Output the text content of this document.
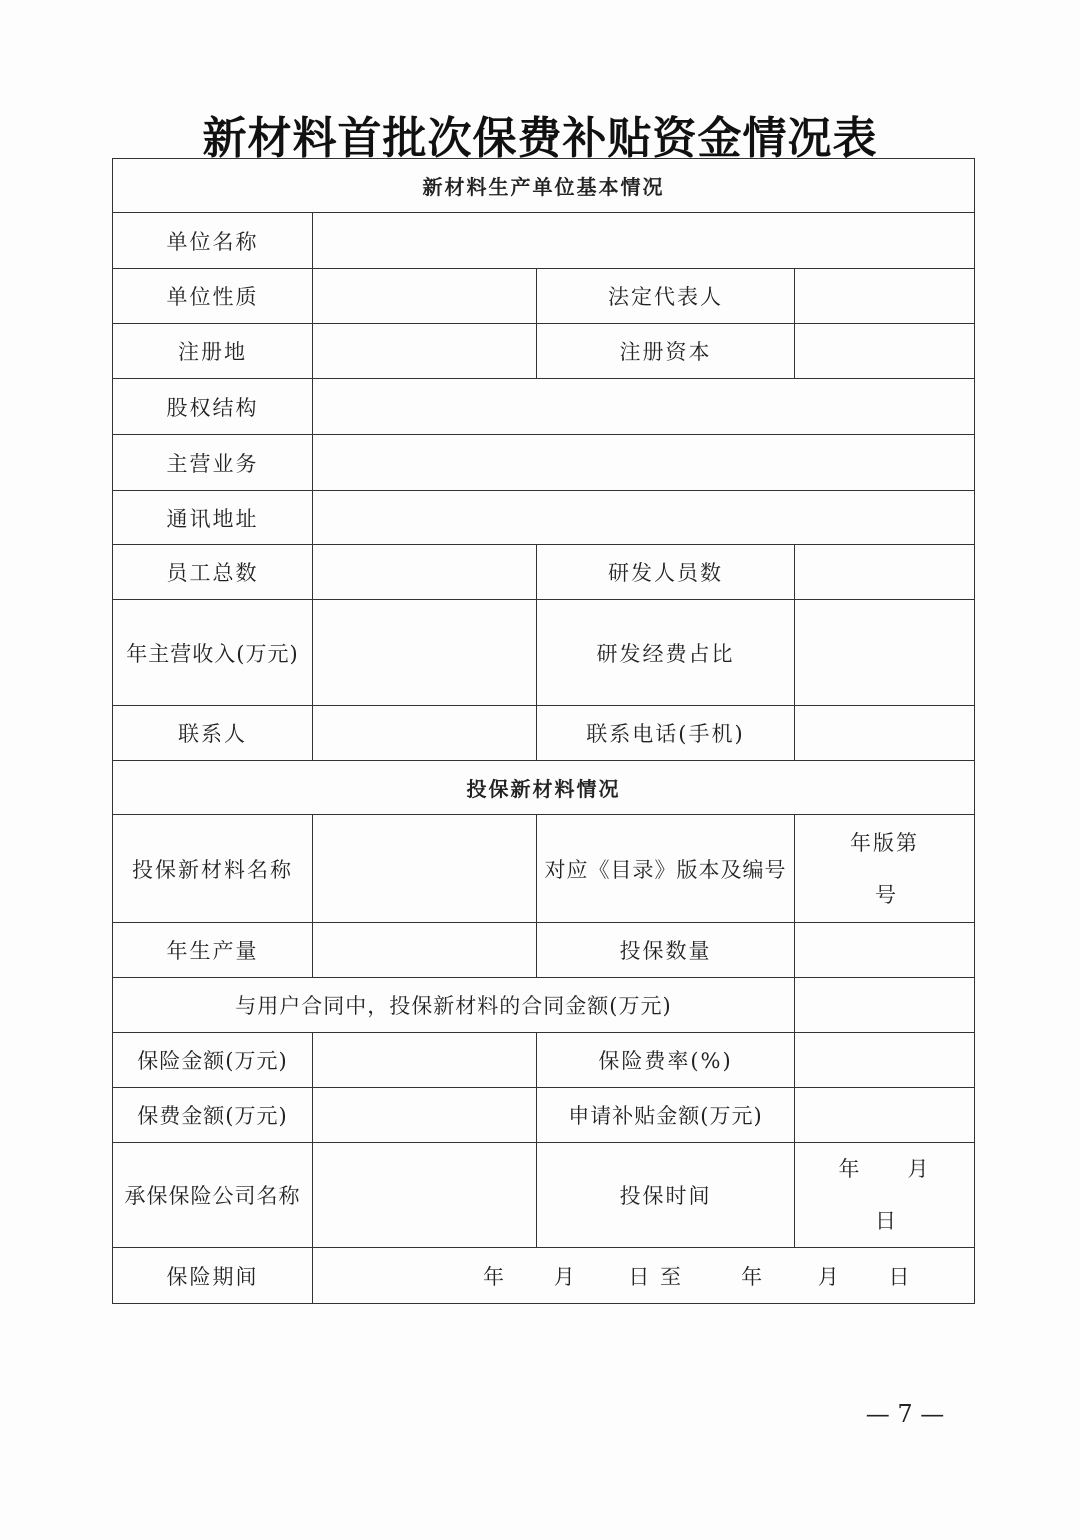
新材料首批次保费补贴资金情况表
新材料生产单位基本情况			
单位名称			
单位性质		法定代表人	
注册地		注册资本	
股权结构			
主营业务			
通讯地址			
员工总数		研发人员数	
年主营收入(万元)		研发经费占比	
联系人		联系电话(手机)	
投保新材料情况			
投保新材料名称		对应《目录》版本及编号	年版第
号

年生产量		投保数量	
与用户合同中，投保新材料的合同金额(万元)			
保险金额(万元)		保险费率(%)	
保费金额(万元)		申请补贴金额(万元)	
承保保险公司名称		投保时间	年　　月
日

保险期间	年 月 日 至 年 月 日		
— 7 —
